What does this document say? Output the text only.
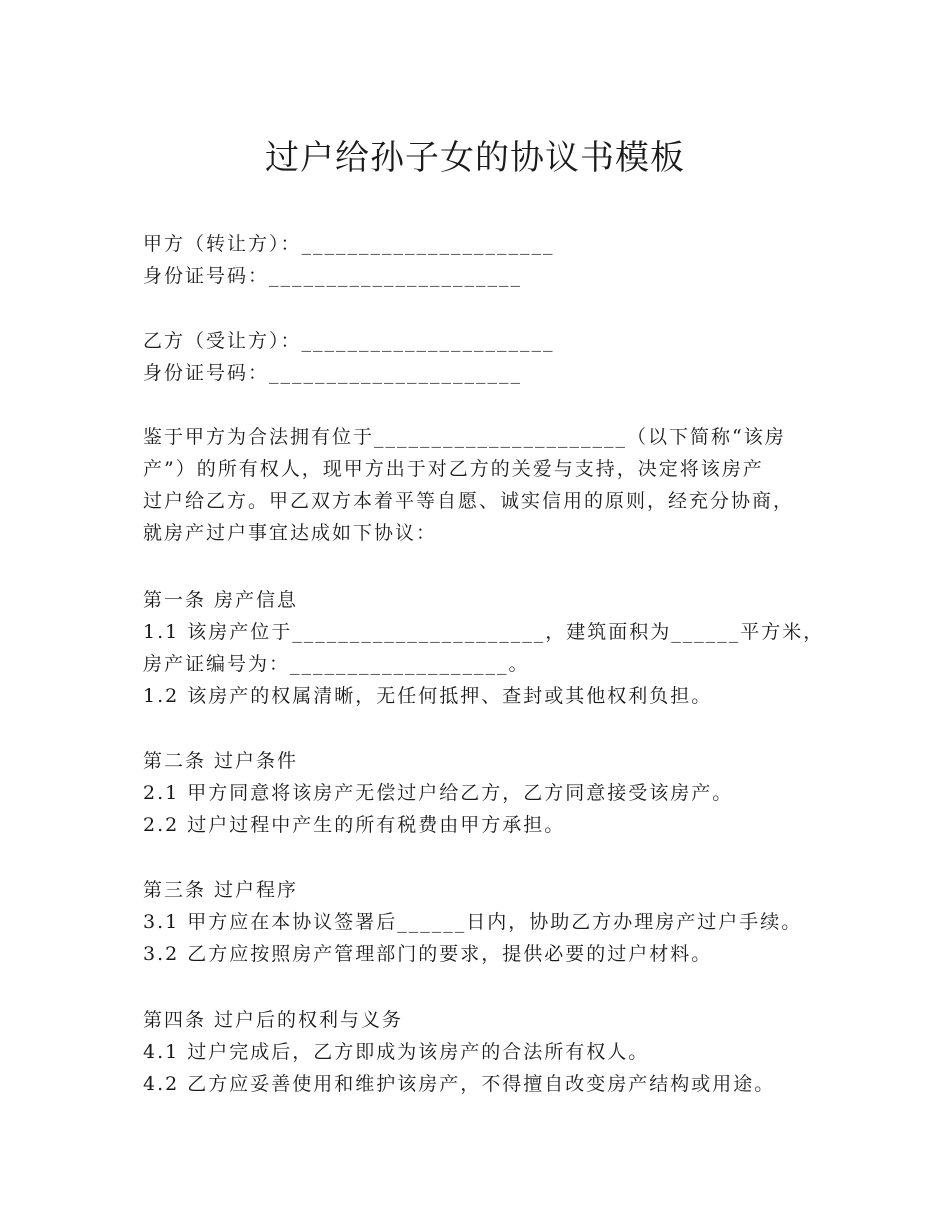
过户给孙子女的协议书模板
甲方（转让方）：______________________
身份证号码：______________________
乙方（受让方）：______________________
身份证号码：______________________
鉴于甲方为合法拥有位于______________________（以下简称“该房
产”）的所有权人，现甲方出于对乙方的关爱与支持，决定将该房产
过户给乙方。甲乙双方本着平等自愿、诚实信用的原则，经充分协商，
就房产过户事宜达成如下协议：
第一条 房产信息
1.1 该房产位于______________________，建筑面积为______平方米，
房产证编号为：___________________。
1.2 该房产的权属清晰，无任何抵押、查封或其他权利负担。
第二条 过户条件
2.1 甲方同意将该房产无偿过户给乙方，乙方同意接受该房产。
2.2 过户过程中产生的所有税费由甲方承担。
第三条 过户程序
3.1 甲方应在本协议签署后______日内，协助乙方办理房产过户手续。
3.2 乙方应按照房产管理部门的要求，提供必要的过户材料。
第四条 过户后的权利与义务
4.1 过户完成后，乙方即成为该房产的合法所有权人。
4.2 乙方应妥善使用和维护该房产，不得擅自改变房产结构或用途。
